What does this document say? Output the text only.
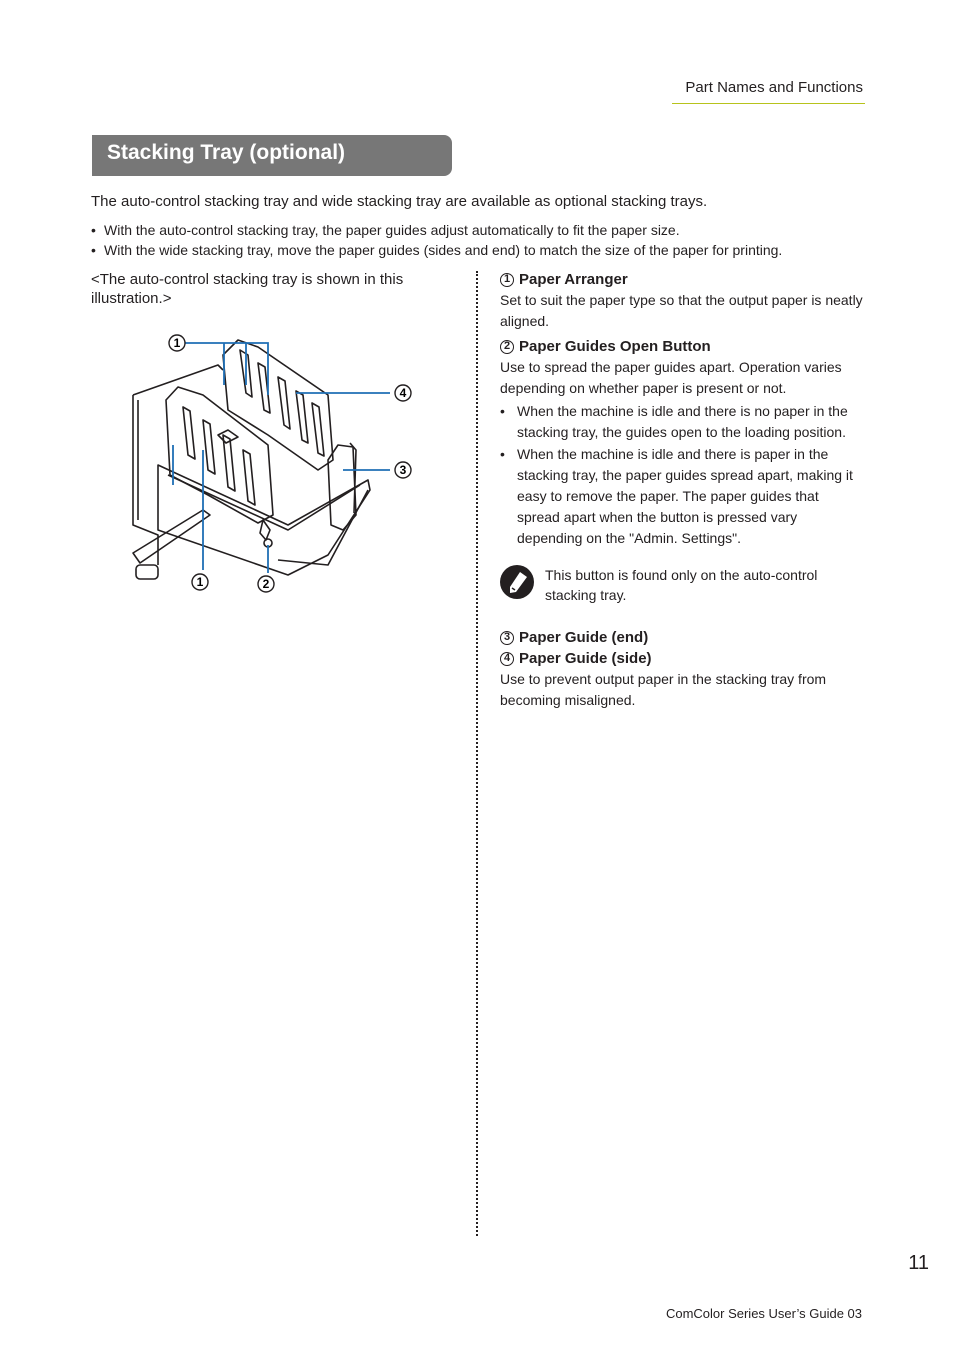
Part Names and Functions
Stacking Tray (optional)
The auto-control stacking tray and wide stacking tray are available as optional stacking trays.
• With the auto-control stacking tray, the paper guides adjust automatically to fit the paper size.
• With the wide stacking tray, move the paper guides (sides and end) to match the size of the paper for printing.
<The auto-control stacking tray is shown in this illustration.>
1
4
3
1	2
1 Paper Arranger
Set to suit the paper type so that the output paper is neatly aligned.
2 Paper Guides Open Button
Use to spread the paper guides apart. Operation varies depending on whether paper is present or not.
• When the machine is idle and there is no paper in the stacking tray, the guides open to the loading position.
• When the machine is idle and there is paper in the stacking tray, the paper guides spread apart, making it easy to remove the paper. The paper guides that spread apart when the button is pressed vary depending on the "Admin. Settings".
This button is found only on the auto-control stacking tray.
3 Paper Guide (end)
4 Paper Guide (side)
Use to prevent output paper in the stacking tray from becoming misaligned.
11
ComColor Series User’s Guide 03
